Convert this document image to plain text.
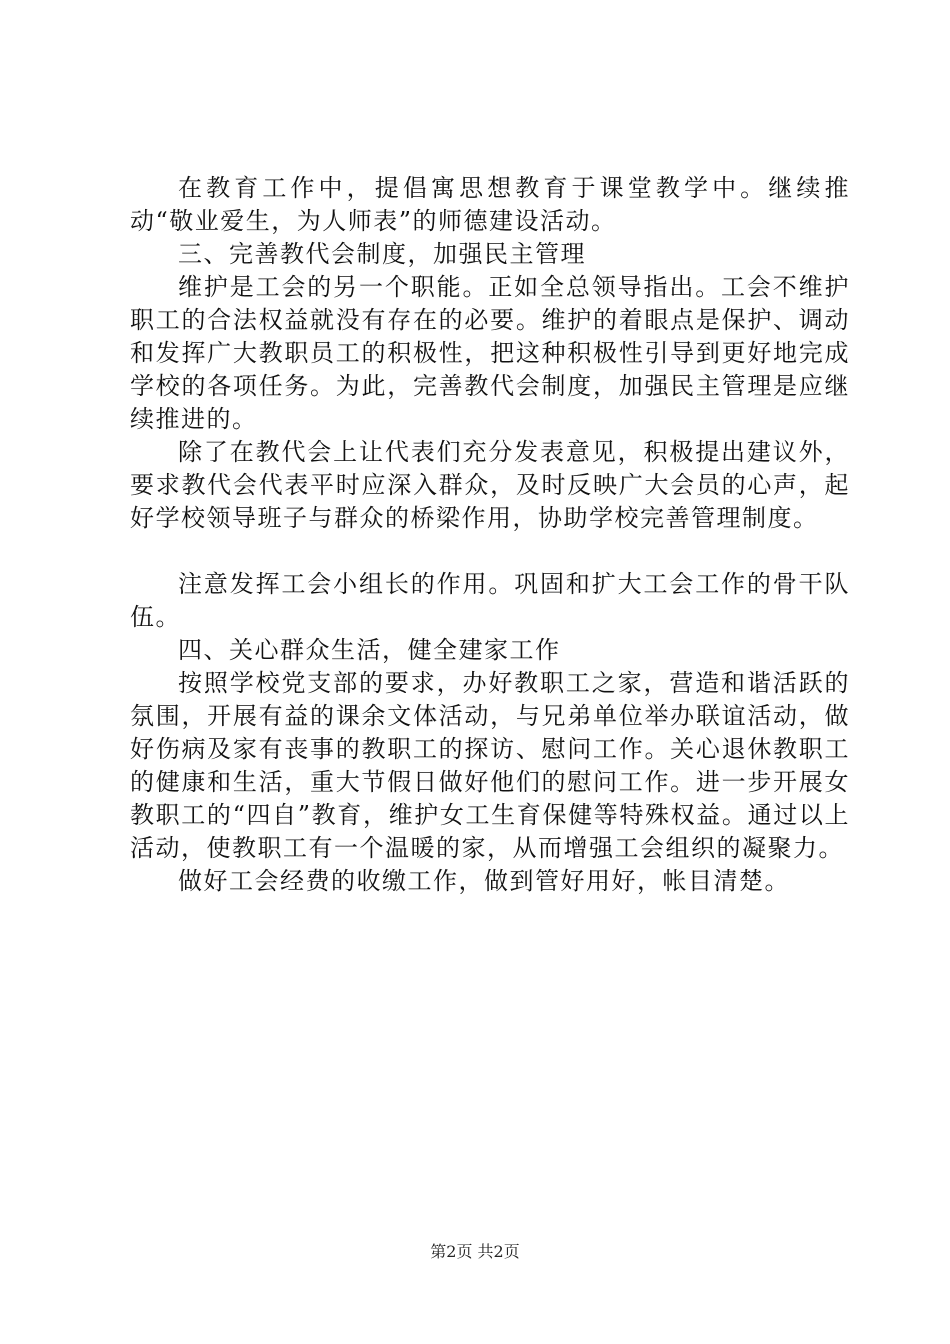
在教育工作中，提倡寓思想教育于课堂教学中。继续推动“敬业爱生，为人师表”的师德建设活动。

三、完善教代会制度，加强民主管理

维护是工会的另一个职能。正如全总领导指出。工会不维护职工的合法权益就没有存在的必要。维护的着眼点是保护、调动和发挥广大教职员工的积极性，把这种积极性引导到更好地完成学校的各项任务。为此，完善教代会制度，加强民主管理是应继续推进的。

除了在教代会上让代表们充分发表意见，积极提出建议外，要求教代会代表平时应深入群众，及时反映广大会员的心声，起好学校领导班子与群众的桥梁作用，协助学校完善管理制度。

注意发挥工会小组长的作用。巩固和扩大工会工作的骨干队伍。

四、关心群众生活，健全建家工作

按照学校党支部的要求，办好教职工之家，营造和谐活跃的氛围，开展有益的课余文体活动，与兄弟单位举办联谊活动，做好伤病及家有丧事的教职工的探访、慰问工作。关心退休教职工的健康和生活，重大节假日做好他们的慰问工作。进一步开展女教职工的“四自”教育，维护女工生育保健等特殊权益。通过以上活动，使教职工有一个温暖的家，从而增强工会组织的凝聚力。

做好工会经费的收缴工作，做到管好用好，帐目清楚。

第2页 共2页
